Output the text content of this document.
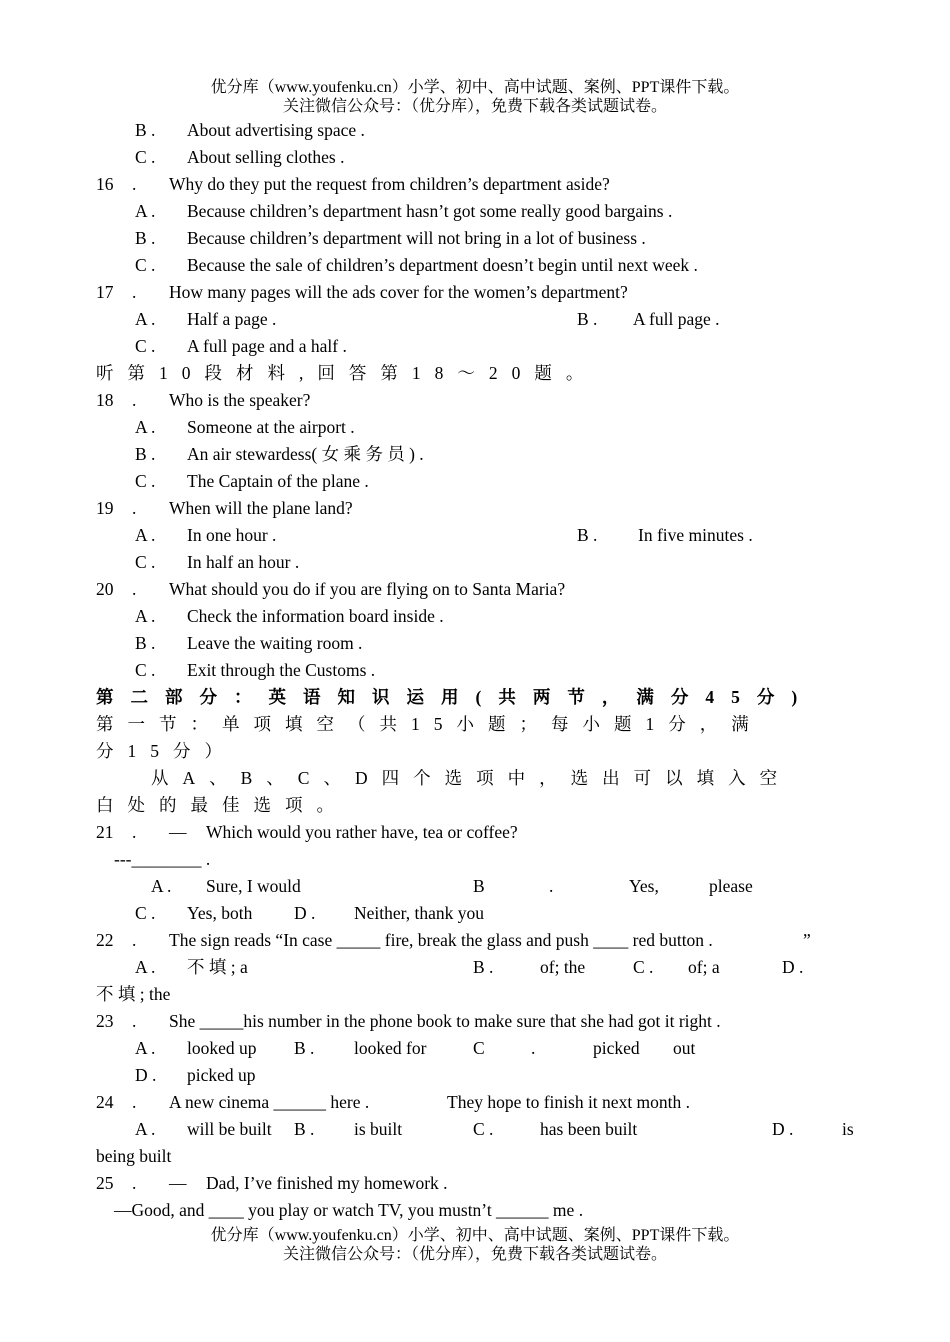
优分库（www.youfenku.cn）小学、初中、高中试题、案例、PPT课件下载。
关注微信公众号：（优分库），免费下载各类试题试卷。
B . About advertising space .
C . About selling clothes .
16 . Why do they put the request from children’s department aside?
A . Because children’s department hasn’t got some really good bargains .
B . Because children’s department will not bring in a lot of business .
C . Because the sale of children’s department doesn’t begin until next week .
17 . How many pages will the ads cover for the women’s department?
A . Half a page .	B . A full page .
C . A full page and a half .
听第10段材料,回答第18～20题。
18 . Who is the speaker?
A . Someone at the airport .
B . An air stewardess( 女 乘 务 员 ) .
C . The Captain of the plane .
19 . When will the plane land?
A . In one hour .	B . In five minutes .
C . In half an hour .
20 . What should you do if you are flying on to Santa Maria?
A . Check the information board inside .
B . Leave the waiting room .
C . Exit through the Customs .
第二部分：英语知识运用(共两节，满分45分)
第一节：单项填空（共15小题；每小题1分，满
分15分）
从A、B、C、D四个选项中，选出可以填入空
白处的最佳选项。
21 . — Which would you rather have, tea or coffee?
---________ .
A . Sure, I would	B	.	Yes,	please
C . Yes, both D . Neither, thank you
22 . The sign reads “In case _____ fire, break the glass and push ____ red button .	”
A . 不 填 ; a	B .	of; the	C . of; a	D .
不 填 ; the
23 . She _____his number in the phone book to make sure that she had got it right .
A . looked up B . looked for	C	.	picked out
D . picked up
24 . A new cinema ______ here .	They hope to finish it next month .
A . will be built B . is built	C .	has been built	D .	is
being built
25 . — Dad, I’ve finished my homework .
—Good, and ____ you play or watch TV, you mustn’t ______ me .
优分库（www.youfenku.cn）小学、初中、高中试题、案例、PPT课件下载。
关注微信公众号：（优分库），免费下载各类试题试卷。
